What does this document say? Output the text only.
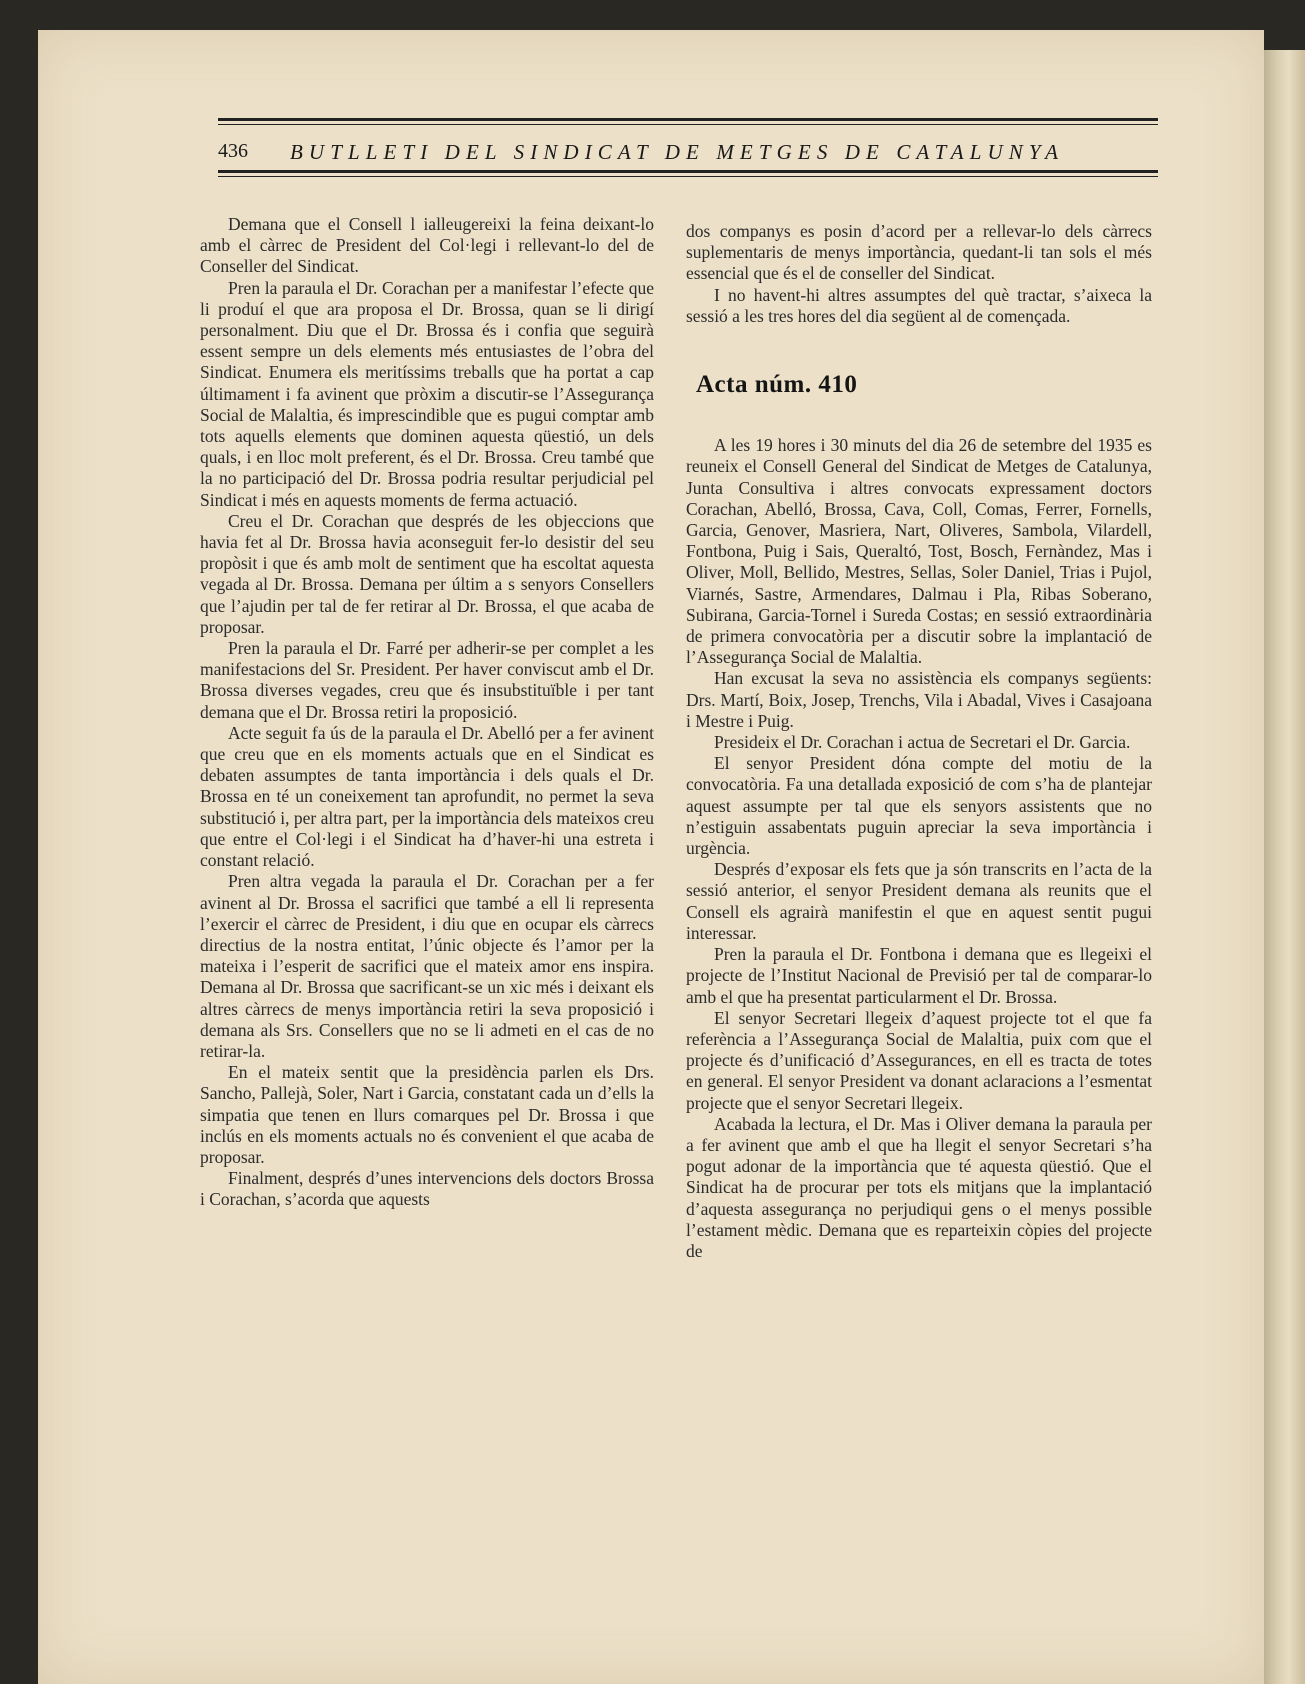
436 BUTLLETI DEL SINDICAT DE METGES DE CATALUNYA

Demana que el Consell l ialleugereixi la feina deixant-lo amb el càrrec de President del Col·legi i rellevant-lo del de Conseller del Sindicat.

Pren la paraula el Dr. Corachan per a manifestar l’efecte que li produí el que ara proposa el Dr. Brossa, quan se li dirigí personalment. Diu que el Dr. Brossa és i confia que seguirà essent sempre un dels elements més entusiastes de l’obra del Sindicat. Enumera els meritíssims treballs que ha portat a cap últimament i fa avinent que pròxim a discutir-se l’Assegurança Social de Malaltia, és imprescindible que es pugui comptar amb tots aquells elements que dominen aquesta qüestió, un dels quals, i en lloc molt preferent, és el Dr. Brossa. Creu també que la no participació del Dr. Brossa podria resultar perjudicial pel Sindicat i més en aquests moments de ferma actuació.

Creu el Dr. Corachan que després de les objeccions que havia fet al Dr. Brossa havia aconseguit fer-lo desistir del seu propòsit i que és amb molt de sentiment que ha escoltat aquesta vegada al Dr. Brossa. Demana per últim a s senyors Consellers que l’ajudin per tal de fer retirar al Dr. Brossa, el que acaba de proposar.

Pren la paraula el Dr. Farré per adherir-se per complet a les manifestacions del Sr. President. Per haver conviscut amb el Dr. Brossa diverses vegades, creu que és insubstituïble i per tant demana que el Dr. Brossa retiri la proposició.

Acte seguit fa ús de la paraula el Dr. Abelló per a fer avinent que creu que en els moments actuals que en el Sindicat es debaten assumptes de tanta importància i dels quals el Dr. Brossa en té un coneixement tan aprofundit, no permet la seva substitució i, per altra part, per la importància dels mateixos creu que entre el Col·legi i el Sindicat ha d’haver-hi una estreta i constant relació.

Pren altra vegada la paraula el Dr. Corachan per a fer avinent al Dr. Brossa el sacrifici que també a ell li representa l’exercir el càrrec de President, i diu que en ocupar els càrrecs directius de la nostra entitat, l’únic objecte és l’amor per la mateixa i l’esperit de sacrifici que el mateix amor ens inspira. Demana al Dr. Brossa que sacrificant-se un xic més i deixant els altres càrrecs de menys importància retiri la seva proposició i demana als Srs. Consellers que no se li admeti en el cas de no retirar-la.

En el mateix sentit que la presidència parlen els Drs. Sancho, Pallejà, Soler, Nart i Garcia, constatant cada un d’ells la simpatia que tenen en llurs comarques pel Dr. Brossa i que inclús en els moments actuals no és convenient el que acaba de proposar.

Finalment, després d’unes intervencions dels doctors Brossa i Corachan, s’acorda que aquests

dos companys es posin d’acord per a rellevar-lo dels càrrecs suplementaris de menys importància, quedant-li tan sols el més essencial que és el de conseller del Sindicat.

I no havent-hi altres assumptes del què tractar, s’aixeca la sessió a les tres hores del dia següent al de començada.

Acta núm. 410

A les 19 hores i 30 minuts del dia 26 de setembre del 1935 es reuneix el Consell General del Sindicat de Metges de Catalunya, Junta Consultiva i altres convocats expressament doctors Corachan, Abelló, Brossa, Cava, Coll, Comas, Ferrer, Fornells, Garcia, Genover, Masriera, Nart, Oliveres, Sambola, Vilardell, Fontbona, Puig i Sais, Queraltó, Tost, Bosch, Fernàndez, Mas i Oliver, Moll, Bellido, Mestres, Sellas, Soler Daniel, Trias i Pujol, Viarnés, Sastre, Armendares, Dalmau i Pla, Ribas Soberano, Subirana, Garcia-Tornel i Sureda Costas; en sessió extraordinària de primera convocatòria per a discutir sobre la implantació de l’Assegurança Social de Malaltia.

Han excusat la seva no assistència els companys següents: Drs. Martí, Boix, Josep, Trenchs, Vila i Abadal, Vives i Casajoana i Mestre i Puig.

Presideix el Dr. Corachan i actua de Secretari el Dr. Garcia.

El senyor President dóna compte del motiu de la convocatòria. Fa una detallada exposició de com s’ha de plantejar aquest assumpte per tal que els senyors assistents que no n’estiguin assabentats puguin apreciar la seva importància i urgència.

Després d’exposar els fets que ja són transcrits en l’acta de la sessió anterior, el senyor President demana als reunits que el Consell els agrairà manifestin el que en aquest sentit pugui interessar.

Pren la paraula el Dr. Fontbona i demana que es llegeixi el projecte de l’Institut Nacional de Previsió per tal de comparar-lo amb el que ha presentat particularment el Dr. Brossa.

El senyor Secretari llegeix d’aquest projecte tot el que fa referència a l’Assegurança Social de Malaltia, puix com que el projecte és d’unificació d’Assegurances, en ell es tracta de totes en general. El senyor President va donant aclaracions a l’esmentat projecte que el senyor Secretari llegeix.

Acabada la lectura, el Dr. Mas i Oliver demana la paraula per a fer avinent que amb el que ha llegit el senyor Secretari s’ha pogut adonar de la importància que té aquesta qüestió. Que el Sindicat ha de procurar per tots els mitjans que la implantació d’aquesta assegurança no perjudiqui gens o el menys possible l’estament mèdic. Demana que es reparteixin còpies del projecte de
